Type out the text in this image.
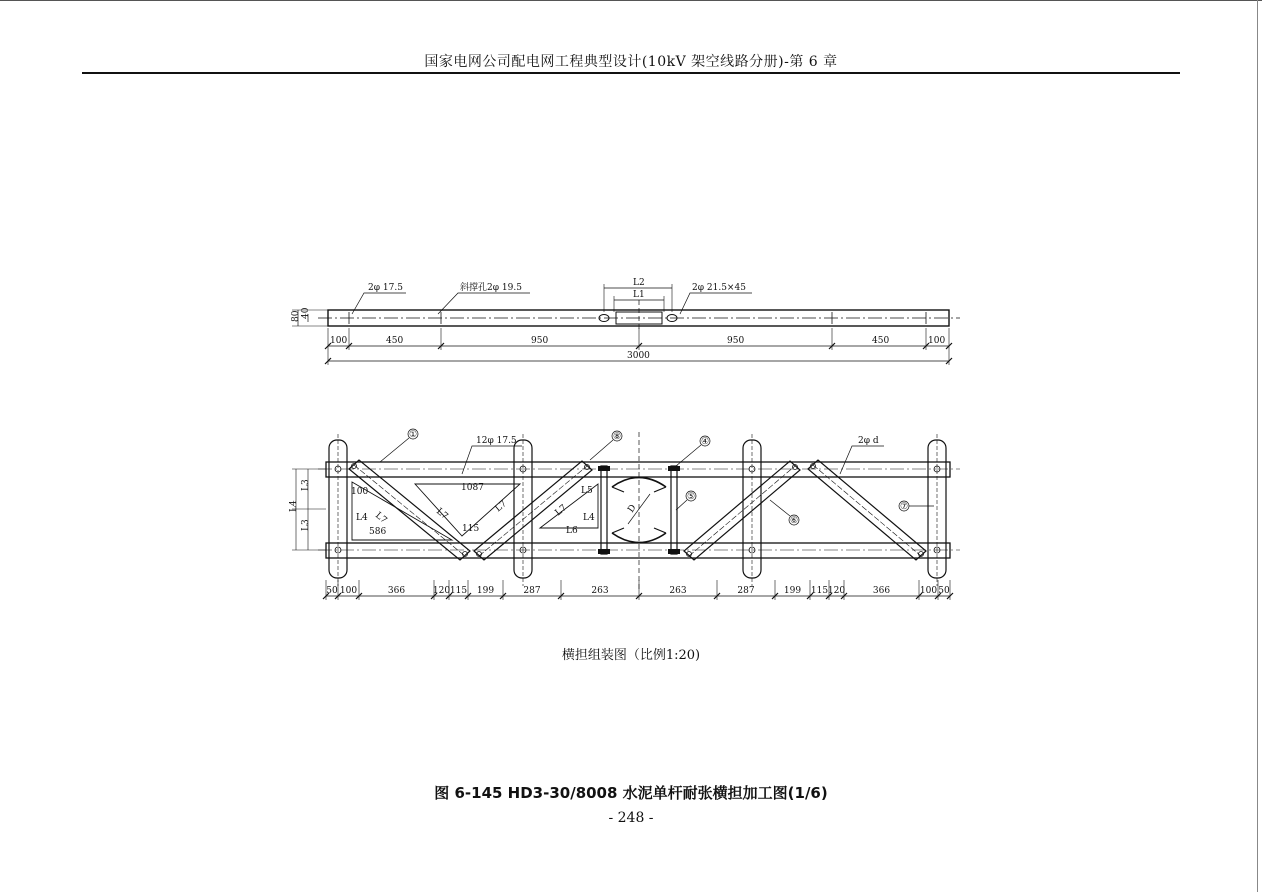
国家电网公司配电网工程典型设计(10kV 架空线路分册)-第 6 章
2φ 17.5	斜撑孔2φ 19.5	2φ 21.5×45
L2
L1
80 40
100	450	950	950	450	100
3000
①	⑧	④
⑤
⑥
⑦
12φ 17.5	2φ d
100	1087
586	115
L4 L7	L7	L7	L7
L5
L4
L6
D
L3
L3
L4
50 100	366	120 115 199	287	263	263	287	199 115 120	366	100 50
横担组装图（比例1:20)
图 6-145 HD3-30/8008 水泥单杆耐张横担加工图(1/6)
- 248 -
